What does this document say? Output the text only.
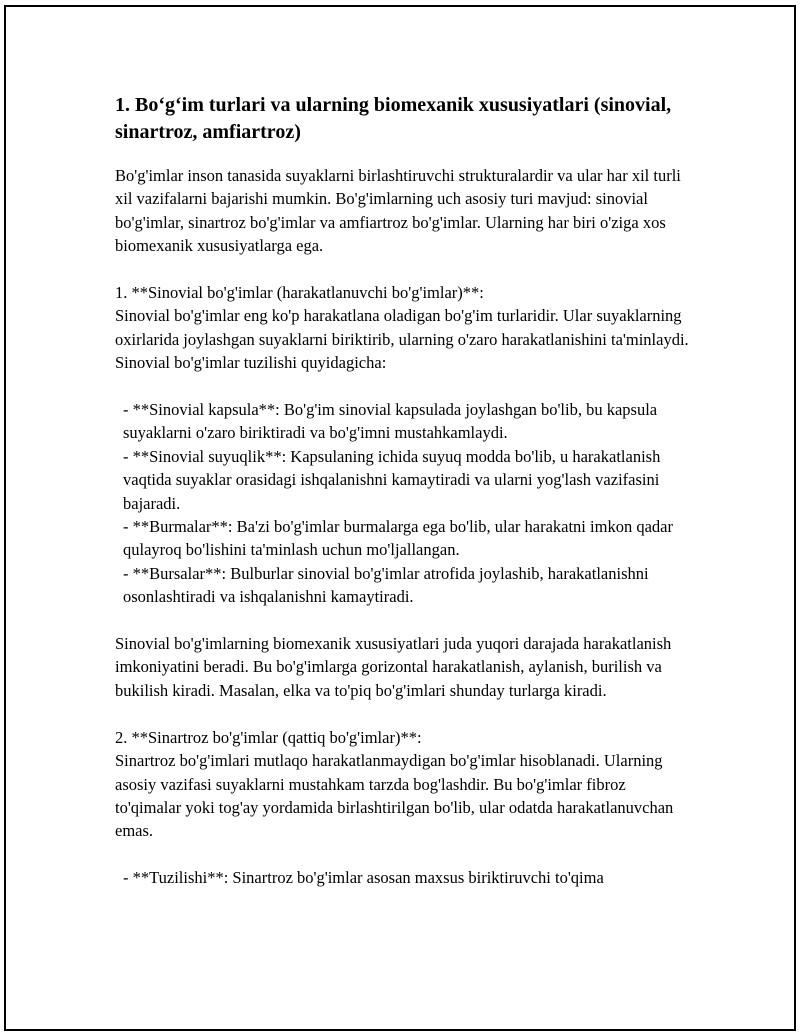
1. Bo‘g‘im turlari va ularning biomexanik xususiyatlari (sinovial, sinartroz, amfiartroz)

Bo'g'imlar inson tanasida suyaklarni birlashtiruvchi strukturalardir va ular har xil turli xil vazifalarni bajarishi mumkin. Bo'g'imlarning uch asosiy turi mavjud: sinovial bo'g'imlar, sinartroz bo'g'imlar va amfiartroz bo'g'imlar. Ularning har biri o'ziga xos biomexanik xususiyatlarga ega.

1. **Sinovial bo'g'imlar (harakatlanuvchi bo'g'imlar)**:

Sinovial bo'g'imlar eng ko'p harakatlana oladigan bo'g'im turlaridir. Ular suyaklarning oxirlarida joylashgan suyaklarni biriktirib, ularning o'zaro harakatlanishini ta'minlaydi. Sinovial bo'g'imlar tuzilishi quyidagicha:

- **Sinovial kapsula**: Bo'g'im sinovial kapsulada joylashgan bo'lib, bu kapsula suyaklarni o'zaro biriktiradi va bo'g'imni mustahkamlaydi.

- **Sinovial suyuqlik**: Kapsulaning ichida suyuq modda bo'lib, u harakatlanish vaqtida suyaklar orasidagi ishqalanishni kamaytiradi va ularni yog'lash vazifasini bajaradi.

- **Burmalar**: Ba'zi bo'g'imlar burmalarga ega bo'lib, ular harakatni imkon qadar qulayroq bo'lishini ta'minlash uchun mo'ljallangan.

- **Bursalar**: Bulburlar sinovial bo'g'imlar atrofida joylashib, harakatlanishni osonlashtiradi va ishqalanishni kamaytiradi.

Sinovial bo'g'imlarning biomexanik xususiyatlari juda yuqori darajada harakatlanish imkoniyatini beradi. Bu bo'g'imlarga gorizontal harakatlanish, aylanish, burilish va bukilish kiradi. Masalan, elka va to'piq bo'g'imlari shunday turlarga kiradi.

2. **Sinartroz bo'g'imlar (qattiq bo'g'imlar)**:

Sinartroz bo'g'imlari mutlaqo harakatlanmaydigan bo'g'imlar hisoblanadi. Ularning asosiy vazifasi suyaklarni mustahkam tarzda bog'lashdir. Bu bo'g'imlar fibroz to'qimalar yoki tog'ay yordamida birlashtirilgan bo'lib, ular odatda harakatlanuvchan emas.

- **Tuzilishi**: Sinartroz bo'g'imlar asosan maxsus biriktiruvchi to'qima
